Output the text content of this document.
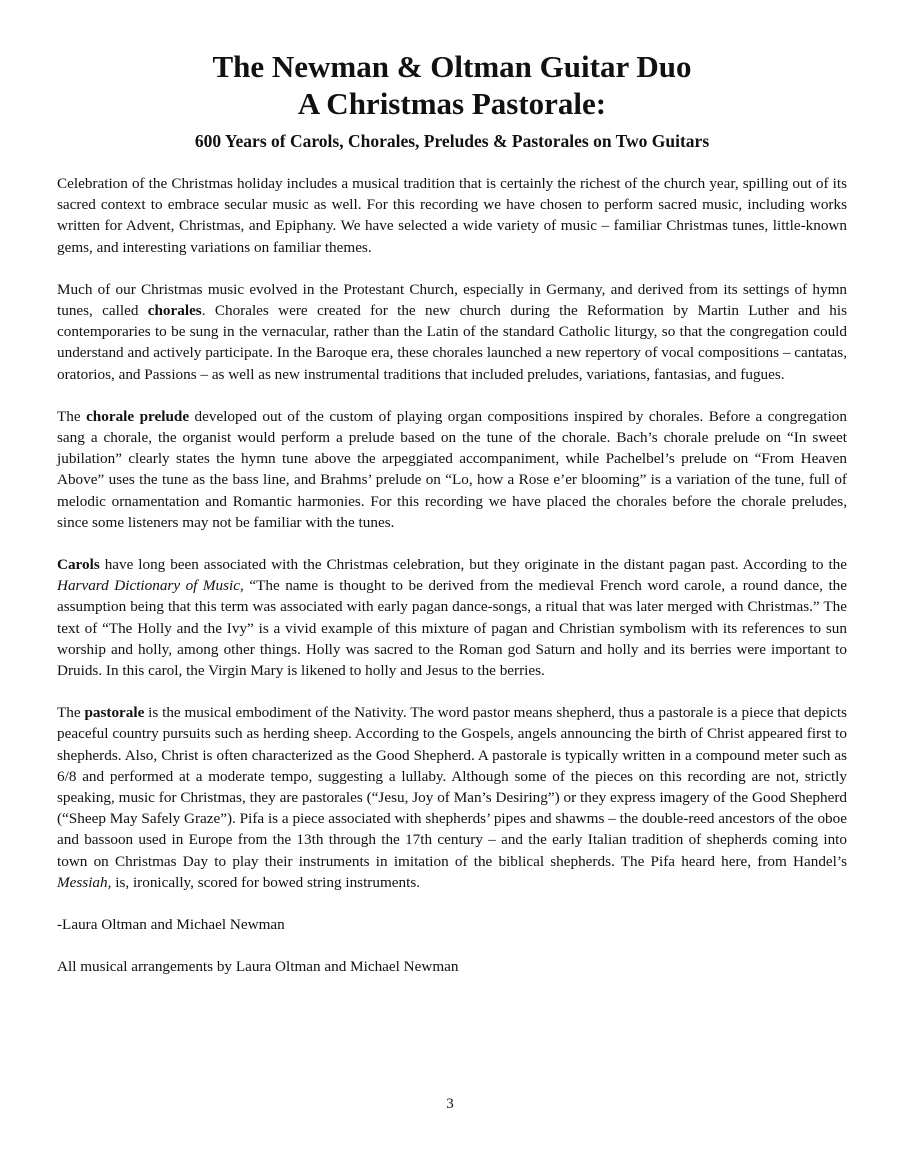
The Newman & Oltman Guitar Duo
A Christmas Pastorale:

600 Years of Carols, Chorales, Preludes & Pastorales on Two Guitars

Celebration of the Christmas holiday includes a musical tradition that is certainly the richest of the church year, spilling out of its sacred context to embrace secular music as well. For this recording we have chosen to perform sacred music, including works written for Advent, Christmas, and Epiphany. We have selected a wide variety of music – familiar Christmas tunes, little-known gems, and interesting variations on familiar themes.

Much of our Christmas music evolved in the Protestant Church, especially in Germany, and derived from its settings of hymn tunes, called chorales. Chorales were created for the new church during the Reformation by Martin Luther and his contemporaries to be sung in the vernacular, rather than the Latin of the standard Catholic liturgy, so that the congregation could understand and actively participate. In the Baroque era, these chorales launched a new repertory of vocal compositions – cantatas, oratorios, and Passions – as well as new instrumental traditions that included preludes, variations, fantasias, and fugues.

The chorale prelude developed out of the custom of playing organ compositions inspired by chorales. Before a congregation sang a chorale, the organist would perform a prelude based on the tune of the chorale. Bach’s chorale prelude on “In sweet jubilation” clearly states the hymn tune above the arpeggiated accompaniment, while Pachelbel’s prelude on “From Heaven Above” uses the tune as the bass line, and Brahms’ prelude on “Lo, how a Rose e’er blooming” is a variation of the tune, full of melodic ornamentation and Romantic harmonies. For this recording we have placed the chorales before the chorale preludes, since some listeners may not be familiar with the tunes.

Carols have long been associated with the Christmas celebration, but they originate in the distant pagan past. According to the Harvard Dictionary of Music, “The name is thought to be derived from the medieval French word carole, a round dance, the assumption being that this term was associated with early pagan dance-songs, a ritual that was later merged with Christmas.” The text of “The Holly and the Ivy” is a vivid example of this mixture of pagan and Christian symbolism with its references to sun worship and holly, among other things. Holly was sacred to the Roman god Saturn and holly and its berries were important to Druids. In this carol, the Virgin Mary is likened to holly and Jesus to the berries.

The pastorale is the musical embodiment of the Nativity. The word pastor means shepherd, thus a pastorale is a piece that depicts peaceful country pursuits such as herding sheep. According to the Gospels, angels announcing the birth of Christ appeared first to shepherds. Also, Christ is often characterized as the Good Shepherd. A pastorale is typically written in a compound meter such as 6/8 and performed at a moderate tempo, suggesting a lullaby. Although some of the pieces on this recording are not, strictly speaking, music for Christmas, they are pastorales (“Jesu, Joy of Man’s Desiring”) or they express imagery of the Good Shepherd (“Sheep May Safely Graze”). Pifa is a piece associated with shepherds’ pipes and shawms – the double-reed ancestors of the oboe and bassoon used in Europe from the 13th through the 17th century – and the early Italian tradition of shepherds coming into town on Christmas Day to play their instruments in imitation of the biblical shepherds. The Pifa heard here, from Handel’s Messiah, is, ironically, scored for bowed string instruments.

-Laura Oltman and Michael Newman

All musical arrangements by Laura Oltman and Michael Newman

3
